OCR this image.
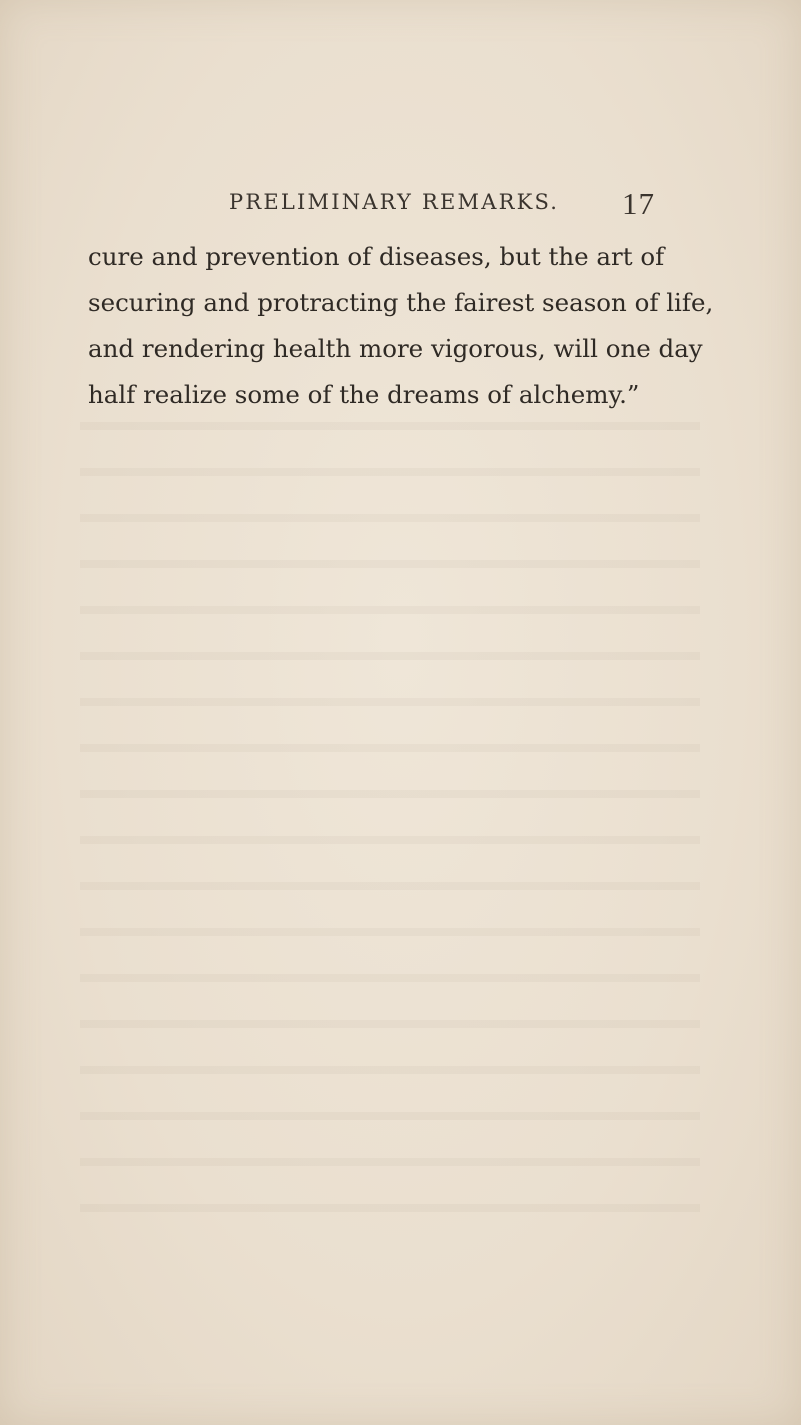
PRELIMINARY REMARKS. 17
cure and prevention of diseases, but the art of
securing and protracting the fairest season of life,
and rendering health more vigorous, will one day
half realize some of the dreams of alchemy.”
